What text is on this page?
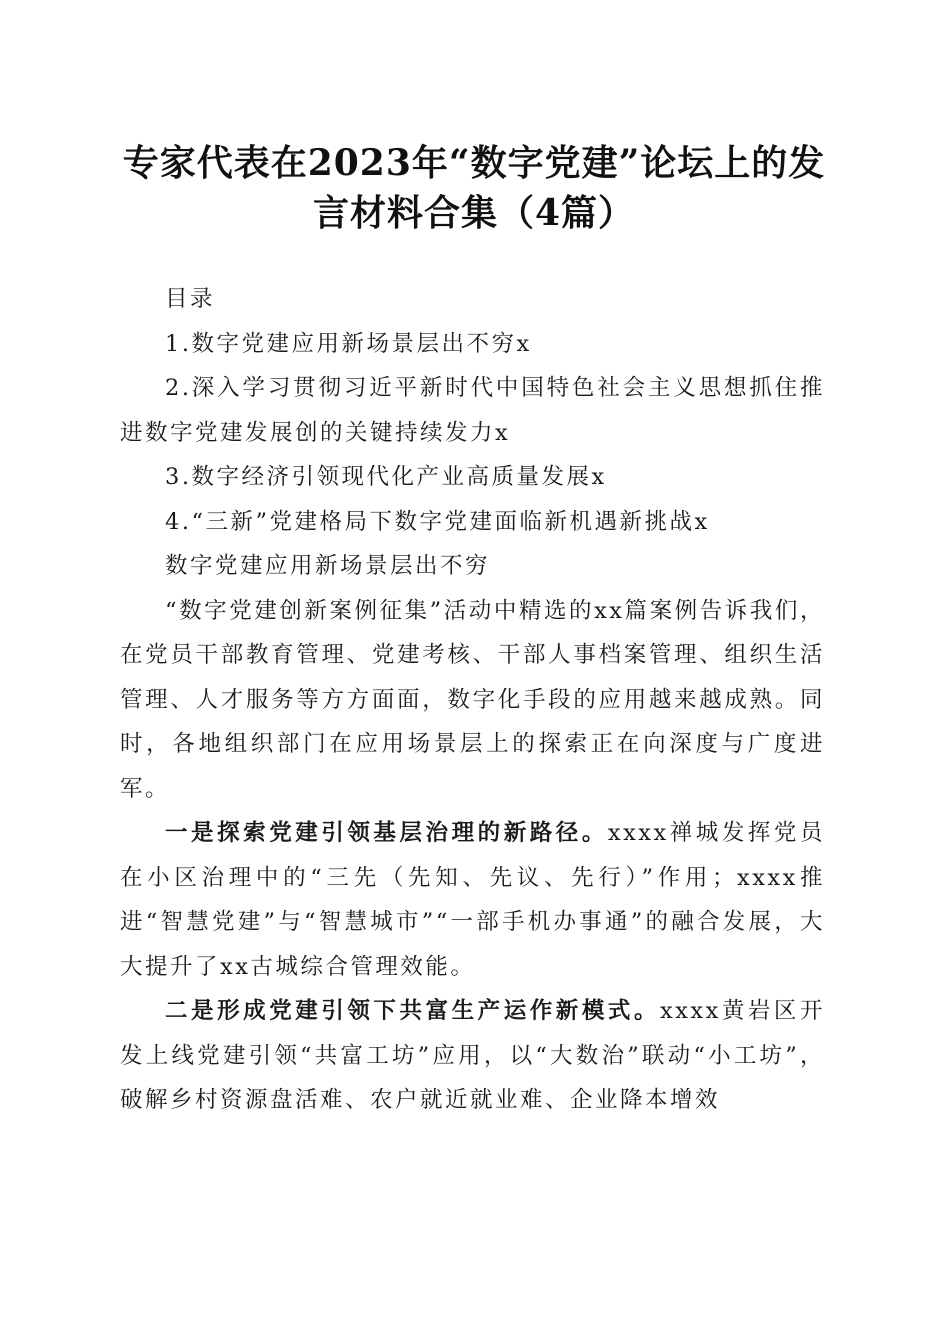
专家代表在2023年“数字党建”论坛上的发
言材料合集（4篇）

目录

1.数字党建应用新场景层出不穷x

2.深入学习贯彻习近平新时代中国特色社会主义思想抓住推进数字党建发展创的关键持续发力x

3.数字经济引领现代化产业高质量发展x

4.“三新”党建格局下数字党建面临新机遇新挑战x

数字党建应用新场景层出不穷

“数字党建创新案例征集”活动中精选的xx篇案例告诉我们，在党员干部教育管理、党建考核、干部人事档案管理、组织生活管理、人才服务等方方面面，数字化手段的应用越来越成熟。同时，各地组织部门在应用场景层上的探索正在向深度与广度进军。

一是探索党建引领基层治理的新路径。xxxx禅城发挥党员在小区治理中的“三先（先知、先议、先行）”作用；xxxx推进“智慧党建”与“智慧城市”“一部手机办事通”的融合发展，大大提升了xx古城综合管理效能。

二是形成党建引领下共富生产运作新模式。xxxx黄岩区开发上线党建引领“共富工坊”应用，以“大数治”联动“小工坊”，破解乡村资源盘活难、农户就近就业难、企业降本增效
